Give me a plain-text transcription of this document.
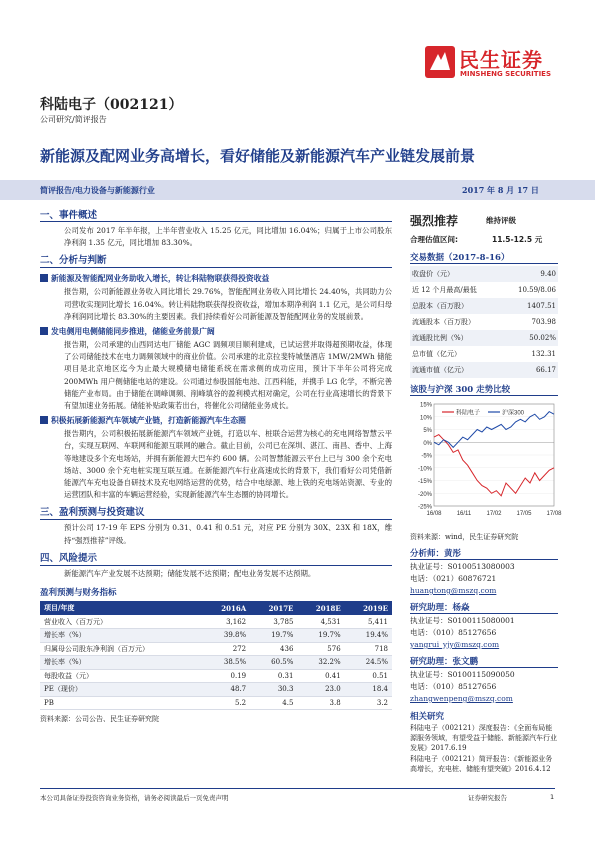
民生证券
MINSHENG SECURITIES
科陆电子（002121）
公司研究/简评报告
新能源及配网业务高增长，看好储能及新能源汽车产业链发展前景
简评报告/电力设备与新能源行业	2017 年 8 月 17 日
一、事件概述
公司发布 2017 年半年报，上半年营业收入 15.25 亿元，同比增加 16.04%；归属于上市公司股东净利润 1.35 亿元，同比增加 83.30%。
二、分析与判断
新能源及智能配网业务助收入增长，转让科陆物联获得投资收益
报告期，公司新能源业务收入同比增长 29.76%，智能配网业务收入同比增长 24.40%，共同助力公司营收实现同比增长 16.04%。转让科陆物联获得投资收益，增加本期净利润 1.1 亿元，是公司归母净利润同比增长 83.30%的主要因素。我们持续看好公司新能源及智能配网业务的发展前景。
发电侧用电侧储能同步推进，储能业务前景广阔
报告期，公司承建的山西同达电厂储能 AGC 调频项目顺利建成，已试运营并取得超预期收益，体现了公司储能技术在电力调频领域中的商业价值。公司承建的北京拉斐特城堡酒店 1MW/2MWh 储能项目是北京地区迄今为止最大规模储电储能系统在需求侧的成功应用，预计下半年公司将完成 200MWh 用户侧储能电站的建设。公司通过参股国能电池、江西科能，并携手 LG 化学，不断完善储能产业布局。由于储能在调峰调频、削峰填谷的盈利模式相对确定，公司在行业高速增长的背景下有望加速业务拓展。储能补贴政策若出台，将催化公司储能业务成长。
积极拓展新能源汽车领域产业链，打造新能源汽车生态圈
报告期内，公司积极拓展新能源汽车领域产业链，打造以车、桩联合运营为核心的充电网络智慧云平台，实现互联网、车联网和能源互联网的融合。截止目前，公司已在深圳、湛江、南昌、香中、上海等地建设多个充电场站，并拥有新能源大巴车约 600 辆。公司智慧能源云平台上已与 300 余个充电场站、3000 余个充电桩实现互联互通。在新能源汽车行业高速成长的背景下，我们看好公司凭借新能源汽车充电设备自研技术及充电网络运营的优势，结合中电绿源、地上铁的充电场站资源、专业的运营团队和丰富的车辆运营经验，实现新能源汽车生态圈的协同增长。
三、盈利预测与投资建议
预计公司 17-19 年 EPS 分别为 0.31、0.41 和 0.51 元，对应 PE 分别为 30X、23X 和 18X，维持“强烈推荐”评级。
四、风险提示
新能源汽车产业发展不达预期；储能发展不达预期；配电业务发展不达预期。
盈利预测与财务指标
项目/年度	2016A	2017E	2018E	2019E
营业收入（百万元）	3,162	3,785	4,531	5,411
增长率（%）	39.8%	19.7%	19.7%	19.4%
归属母公司股东净利润（百万元）	272	436	576	718
增长率（%）	38.5%	60.5%	32.2%	24.5%
每股收益（元）	0.19	0.31	0.41	0.51
PE（现价）	48.7	30.3	23.0	18.4
PB	5.2	4.5	3.8	3.2
资料来源：公司公告、民生证券研究院
强烈推荐	维持评级
合理估值区间:	11.5-12.5 元
交易数据（2017-8-16）
收盘价（元）	9.40
近 12 个月最高/最低	10.59/8.06
总股本（百万股）	1407.51
流通股本（百万股）	703.98
流通股比例（%）	50.02%
总市值（亿元）	132.31
流通市值（亿元）	66.17
该股与沪深 300 走势比较
15%
10%
5%
0%
-5%
-10%
-15%
-20%
-25%
16/08	16/11	17/02 17/05 17/08
科陆电子	沪深300
资料来源：wind，民生证券研究院
分析师：黄彤
执业证号：S0100513080003
电话：（021）60876721
huangtong@mszq.com
研究助理：杨焱
执业证号：S0100115080001
电话：（010）85127656
yangrui_yjy@mszq.com
研究助理：张文鹏
执业证号：S0100115090050
电话：（010）85127656
zhangwenpeng@mszq.com
相关研究
科陆电子（002121）深度报告：《全面布局能源服务领域，有望受益于储能、新能源汽车行业发展》2017.6.19
科陆电子（002121）简评报告：《新能源业务高增长，充电桩、储能有望突破》2016.4.12
本公司具备证券投资咨询业务资格，请务必阅读最后一页免责声明	证券研究报告	1
